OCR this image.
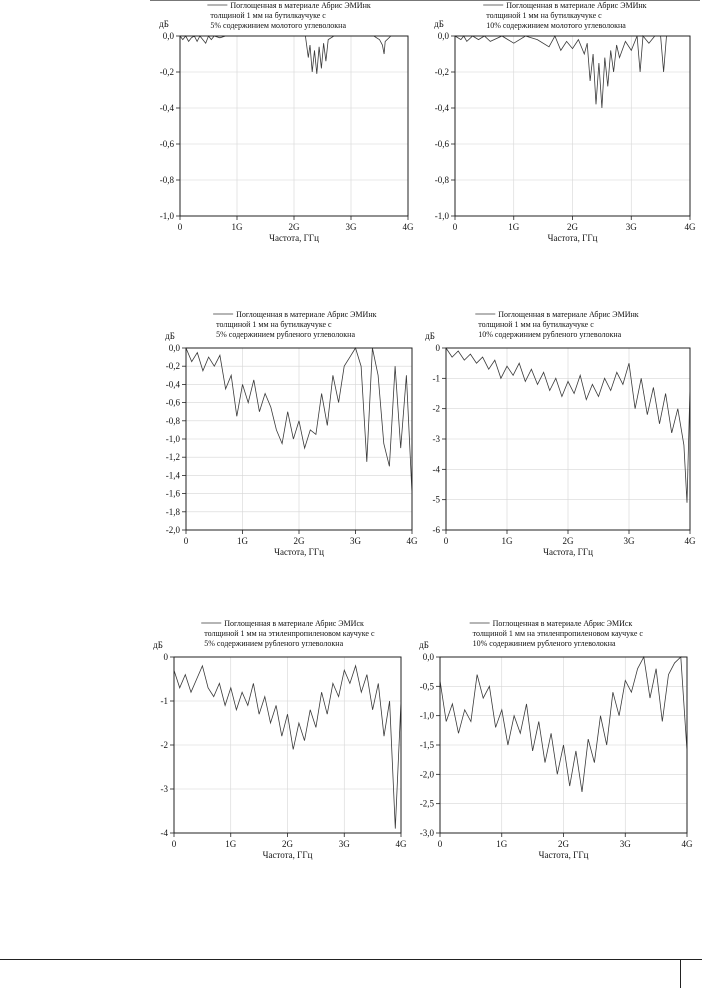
0	1G	2G	3G	4G
0,0
-0,2
-0,4
-0,6
-0,8
-1,0
дБ
Частота, ГГц
Поглощенная в материале Абрис ЭМИнк
толщиной 1 мм на бутилкаучуке с
5% содержинием молотого углеволокна
0	1G	2G	3G	4G
0,0
-0,2
-0,4
-0,6
-0,8
-1,0
дБ
Частота, ГГц
Поглощенная в материале Абрис ЭМИнк
толщиной 1 мм на бутилкаучуке с
10% содержинием молотого углеволокна
0	1G	2G	3G	4G
0,0
-0,2
-0,4
-0,6
-0,8
-1,0
-1,2
-1,4
-1,6
-1,8
-2,0
дБ
Частота, ГГц
Поглощенная в материале Абрис ЭМИнк
толщиной 1 мм на бутилкаучуке с
5% содержинием рубленого углеволокна
0	1G	2G	3G	4G
0
-1
-2
-3
-4
-5
-6
дБ
Частота, ГГц
Поглощенная в материале Абрис ЭМИнк
толщиной 1 мм на бутилкаучуке с
10% содержинием рубленого углеволокна
0	1G	2G	3G	4G
0
-1
-2
-3
-4
дБ
Частота, ГГц
Поглощенная в материале Абрис ЭМИск
толщиной 1 мм на этиленпропиленовом каучуке с
5% содержинием рубленого углеволокна
0	1G	2G	3G	4G
0,0
-0,5
-1,0
-1,5
-2,0
-2,5
-3,0
дБ
Частота, ГГц
Поглощенная в материале Абрис ЭМИск
толщиной 1 мм на этиленпропиленовом каучуке с
10% содержинием рубленого углеволокна
